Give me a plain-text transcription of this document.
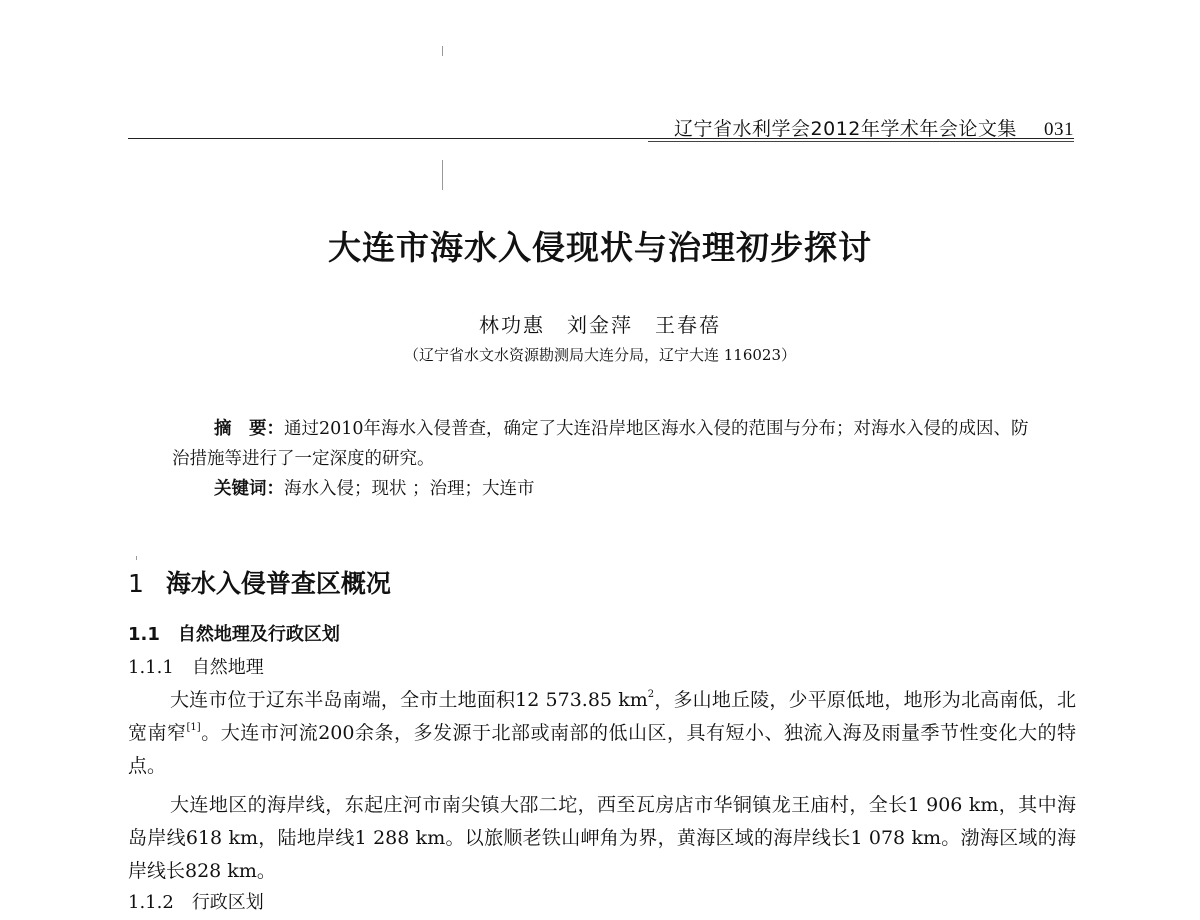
辽宁省水利学会2012年学术年会论文集 031
大连市海水入侵现状与治理初步探讨
林功惠　刘金萍　王春蓓
（辽宁省水文水资源勘测局大连分局，辽宁大连 116023）

摘　要：通过2010年海水入侵普查，确定了大连沿岸地区海水入侵的范围与分布；对海水入侵的成因、防治措施等进行了一定深度的研究。

关键词：海水入侵；现状 ；治理；大连市

1 海水入侵普查区概况
1.1 自然地理及行政区划
1.1.1 自然地理

大连市位于辽东半岛南端，全市土地面积12 573.85 $km^2$，多山地丘陵，少平原低地，地形为北高南低，北宽南窄[1]。大连市河流200余条，多发源于北部或南部的低山区，具有短小、独流入海及雨量季节性变化大的特点。

大连地区的海岸线，东起庄河市南尖镇大邵二坨，西至瓦房店市华铜镇龙王庙村，全长1 906 km，其中海岛岸线618 km，陆地岸线1 288 km。以旅顺老铁山岬角为界，黄海区域的海岸线长1 078 km。渤海区域的海岸线长828 km。

1.1.2 行政区划
